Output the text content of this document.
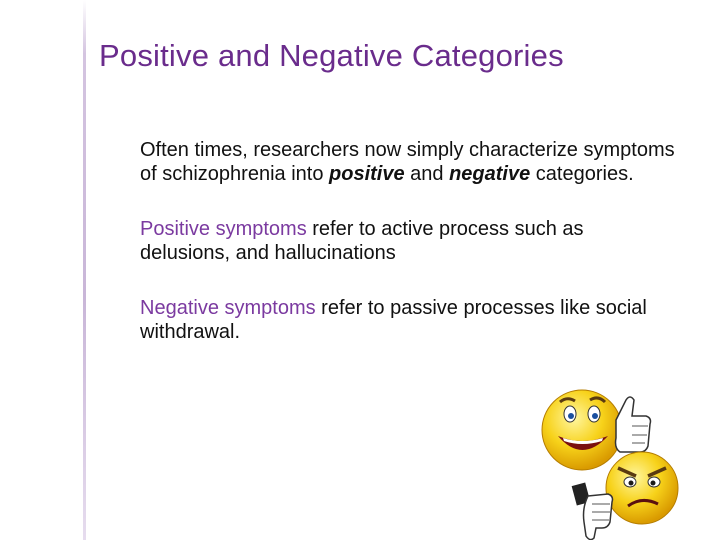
Positive and Negative Categories
Often times, researchers now simply characterize symptoms of schizophrenia into positive and negative categories.
Positive symptoms refer to active process such as delusions, and hallucinations
Negative symptoms refer to passive processes like social withdrawal.
